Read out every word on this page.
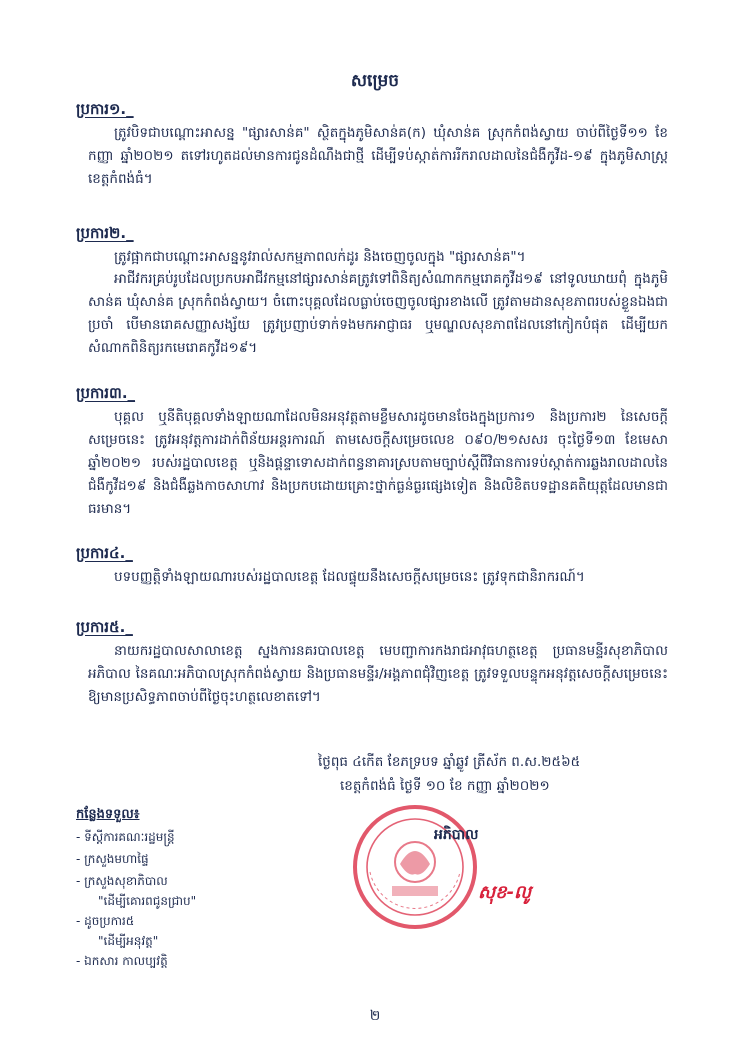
សម្រេច
ប្រការ១._
ត្រូវបិទជាបណ្ដោះអាសន្ន "ផ្សារសាន់គ" ស្ថិតក្នុងភូមិសាន់គ(ក) ឃុំសាន់គ ស្រុកកំពង់ស្វាយ ចាប់ពីថ្ងៃទី១១ ខែកញ្ញា ឆ្នាំ២០២១ តទៅរហូតដល់មានការជូនដំណឹងជាថ្មី ដើម្បីទប់ស្កាត់ការរីករាលដាលនៃជំងឺកូវីដ-១៩ ក្នុងភូមិសាស្ត្រខេត្តកំពង់ធំ។
ប្រការ២._
ត្រូវផ្អាកជាបណ្ដោះអាសន្ននូវរាល់សកម្មភាពលក់ដូរ និងចេញចូលក្នុង "ផ្សារសាន់គ"។
អាជីវករគ្រប់រូបដែលប្រកបអាជីវកម្មនៅផ្សារសាន់គត្រូវទៅពិនិត្យសំណាកកម្មរោគកូវីដ១៩ នៅទូលឃាយពុំ ក្នុងភូមិសាន់គ ឃុំសាន់គ ស្រុកកំពង់ស្វាយ។ ចំពោះបុគ្គលដែលធ្លាប់ចេញចូលផ្សារខាងលើ ត្រូវតាមដានសុខភាពរបស់ខ្លួនឯងជាប្រចាំ បើមានរោគសញ្ញាសង្ស័យ ត្រូវប្រញាប់ទាក់ទងមកអាជ្ញាធរ ឬមណ្ឌលសុខភាពដែលនៅកៀកបំផុត ដើម្បីយកសំណាកពិនិត្យរកមេរោគកូវីដ១៩។
ប្រការ៣._
បុគ្គល ឬនីតិបុគ្គលទាំងឡាយណាដែលមិនអនុវត្តតាមខ្លឹមសារដូចមានចែងក្នុងប្រការ១ និងប្រការ២ នៃសេចក្ដីសម្រេចនេះ ត្រូវអនុវត្តការដាក់ពិន័យអន្តរការណ៍ តាមសេចក្ដីសម្រេចលេខ ០៩០/២១សសរ ចុះថ្ងៃទី១៣ ខែមេសា ឆ្នាំ២០២១ របស់រដ្ឋបាលខេត្ត ឬនិងផ្ដន្ទាទោសដាក់ពន្ធនាគារស្របតាមច្បាប់ស្ដីពីវិធានការទប់ស្កាត់ការឆ្លងរាលដាលនៃជំងឺកូវីដ១៩ និងជំងឺឆ្លងកាចសាហាវ និងប្រកបដោយគ្រោះថ្នាក់ធ្ងន់ធ្ងរផ្សេងទៀត និងលិខិតបទដ្ឋានគតិយុត្តដែលមានជាធរមាន។
ប្រការ៤._
បទបញ្ញត្តិទាំងឡាយណារបស់រដ្ឋបាលខេត្ត ដែលផ្ទុយនឹងសេចក្ដីសម្រេចនេះ ត្រូវទុកជានិរាករណ៍។
ប្រការ៥._
នាយករដ្ឋបាលសាលាខេត្ត ស្នងការនគរបាលខេត្ត មេបញ្ជាការកងរាជអាវុធហត្ថខេត្ត ប្រធានមន្ទីរសុខាភិបាល អភិបាល នៃគណៈអភិបាលស្រុកកំពង់ស្វាយ និងប្រធានមន្ទីរ/អង្គភាពជុំវិញខេត្ត ត្រូវទទួលបន្ទុកអនុវត្តសេចក្ដីសម្រេចនេះឱ្យមានប្រសិទ្ធភាពចាប់ពីថ្ងៃចុះហត្ថលេខាតទៅ។
ថ្ងៃពុធ ៤កើត ខែភទ្របទ ឆ្នាំឆ្លូវ ត្រីស័ក ព.ស.២៥៦៥
ខេត្តកំពង់ធំ ថ្ងៃទី ១០ ខែ កញ្ញា ឆ្នាំ២០២១
អភិបាល
សុខ-លូ
កន្លែងទទួល៖
- ទីស្ដីការគណៈរដ្ឋមន្ត្រី
- ក្រសួងមហាផ្ទៃ
- ក្រសួងសុខាភិបាល
"ដើម្បីគោរពជូនជ្រាប"
- ដូចប្រការ៥
"ដើម្បីអនុវត្ត"
- ឯកសារ កាលប្បវត្តិ
២
